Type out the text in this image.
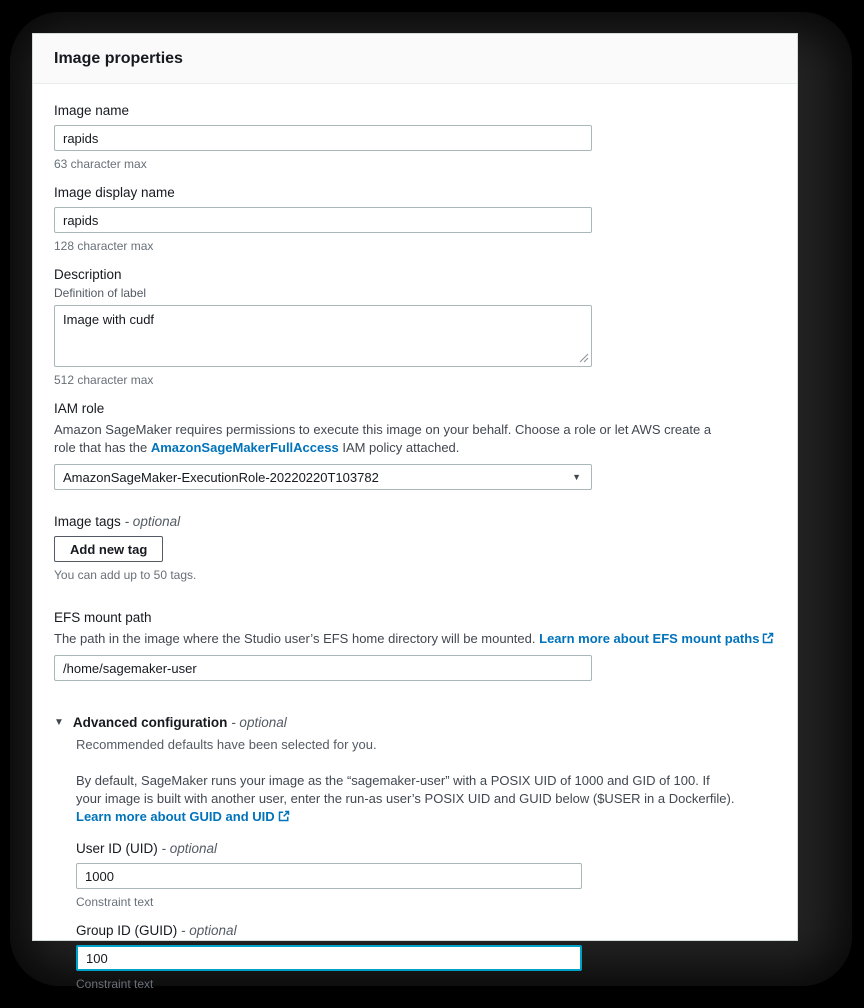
Image properties
Image name
rapids
63 character max
Image display name
rapids
128 character max
Description
Definition of label
Image with cudf
512 character max
IAM role
Amazon SageMaker requires permissions to execute this image on your behalf. Choose a role or let AWS create a role that has the AmazonSageMakerFullAccess IAM policy attached.
AmazonSageMaker-ExecutionRole-20220220T103782	▼
Image tags - optional
Add new tag
You can add up to 50 tags.
EFS mount path
The path in the image where the Studio user’s EFS home directory will be mounted. Learn more about EFS mount paths
/home/sagemaker-user
▼ Advanced configuration
- optional
Recommended defaults have been selected for you.
By default, SageMaker runs your image as the “sagemaker-user” with a POSIX UID of 1000 and GID of 100. If your image is built with another user, enter the run-as user’s POSIX UID and GUID below ($USER in a Dockerfile). Learn more about GUID and UID
User ID (UID) - optional
1000
Constraint text
Group ID (GUID) - optional
100
Constraint text
